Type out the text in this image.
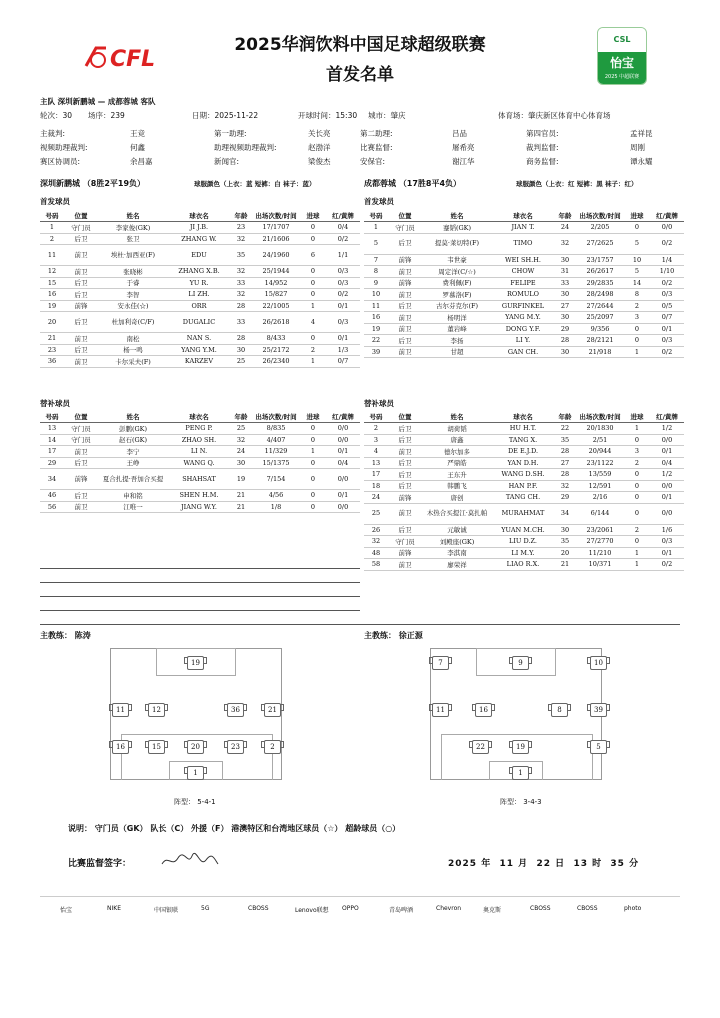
2025华润饮料中国足球超级联赛
首发名单
CFL
CSL
怡宝
2025 中超联赛
主队 深圳新鹏城 — 成都蓉城 客队
轮次：30 场序：239	日期：2025-11-22	开球时间：15:30 城市：肇庆	体育场：肇庆新区体育中心体育场
主裁判:	王竞	第一助理:	关长亮	第二助理:	吕品	第四官员:	孟祥昆
视频助理裁判:	何鑫	助理视频助理裁判:	赵渤洋	比赛监督:	屠希亮	裁判监督:	周刚
赛区协调员:	余昌嘉	新闻官:	梁俊杰	安保官:	谢江华	商务监督:	谭永耀
深圳新鹏城 （8胜2平19负）	球服颜色（上衣：蓝 短裤：白 袜子：蓝）
首发球员
成都蓉城 （17胜8平4负）	球服颜色（上衣：红 短裤：黑 袜子：红）
首发球员
号码	位置	姓名	球衣名	年龄	出场次数/时间	进球	红/黄牌
1	守门员	李家俊(GK)	JI J.B.	23	17/1707	0	0/4
2	后卫	张卫	ZHANG W.	32	21/1606	0	0/2
11	前卫	埃杜·加西亚(F)	EDU	35	24/1960	6	1/1
12	前卫	张晓彬	ZHANG X.B.	32	25/1944	0	0/3
15	后卫	于睿	YU R.	33	14/952	0	0/3
16	后卫	李智	LI ZH.	32	15/827	0	0/2
19	前锋	安永佳(☆)	ORR	28	22/1005	1	0/1
20	后卫	杜加利奇(C/F)	DUGALIC	33	26/2618	4	0/3
21	前卫	南松	NAN S.	28	8/433	0	0/1
23	后卫	杨一鸣	YANG Y.M.	30	25/2172	2	1/3
36	前卫	卡尔采夫(F)	KARZEV	25	26/2340	1	0/7
号码	位置	姓名	球衣名	年龄	出场次数/时间	进球	红/黄牌
1	守门员	蹇韬(GK)	JIAN T.	24	2/205	0	0/0
5	后卫	提莫·莱切特(F)	TIMO	32	27/2625	5	0/2
7	前锋	韦世豪	WEI SH.H.	30	23/1757	10	1/4
8	前卫	周定洋(C/☆)	CHOW	31	26/2617	5	1/10
9	前锋	费利佩(F)	FELIPE	33	29/2835	14	0/2
10	前卫	罗慕洛(F)	ROMULO	30	28/2498	8	0/3
11	后卫	古尔芬克尔(F)	GURFINKEL	27	27/2644	2	0/5
16	前卫	杨明洋	YANG M.Y.	30	25/2097	3	0/7
19	前卫	董岩峰	DONG Y.F.	29	9/356	0	0/1
22	后卫	李扬	LI Y.	28	28/2121	0	0/3
39	前卫	甘超	GAN CH.	30	21/918	1	0/2
替补球员	替补球员
号码	位置	姓名	球衣名	年龄	出场次数/时间	进球	红/黄牌
13	守门员	彭鹏(GK)	PENG P.	25	8/835	0	0/0
14	守门员	赵石(GK)	ZHAO SH.	32	4/407	0	0/0
17	前卫	李宁	LI N.	24	11/329	1	0/1
29	后卫	王峥	WANG Q.	30	15/1375	0	0/4
34	前锋	夏合扎提·吾加合买提	SHAHSAT	19	7/154	0	0/0
46	后卫	申和铭	SHEN H.M.	21	4/56	0	0/1
56	前卫	江唯一	JIANG W.Y.	21	1/8	0	0/0
号码	位置	姓名	球衣名	年龄	出场次数/时间	进球	红/黄牌
2	后卫	胡荷韬	HU H.T.	22	20/1830	1	1/2
3	后卫	唐鑫	TANG X.	35	2/51	0	0/0
4	前卫	德尔加多	DE E.J.D.	28	20/944	3	0/1
13	后卫	严鼎皓	YAN D.H.	27	23/1122	2	0/4
17	后卫	王东升	WANG D.SH.	28	13/559	0	1/2
18	后卫	韩鹏飞	HAN P.F.	32	12/591	0	0/0
24	前锋	唐创	TANG CH.	29	2/16	0	0/1
25	前卫	木热合买提江·莫扎帕	MURAHMAT	34	6/144	0	0/0
26	后卫	元敏诚	YUAN M.CH.	30	23/2061	2	1/6
32	守门员	刘殿座(GK)	LIU D.Z.	35	27/2770	0	0/3
48	前锋	李淇南	LI M.Y.	20	11/210	1	0/1
58	前卫	廖荣祥	LIAO R.X.	21	10/371	1	0/2
主教练： 陈涛	主教练： 徐正源
19
11	12	36	21
16	15	20	23	2
1
7	9	10
11	16	8	39
22	19	5
1
阵型： 5-4-1	阵型： 3-4-3
说明： 守门员（GK） 队长（C） 外援（F） 港澳特区和台湾地区球员（☆） 超龄球员（○）
比赛监督签字：	2025 年 11 月 22 日 13 时 35 分
怡宝	NIKE	中国银联	5G	CBOSS	Lenovo联想 OPPO	青岛啤酒	Chevron	奥克斯	CBOSS	CBOSS	photo
